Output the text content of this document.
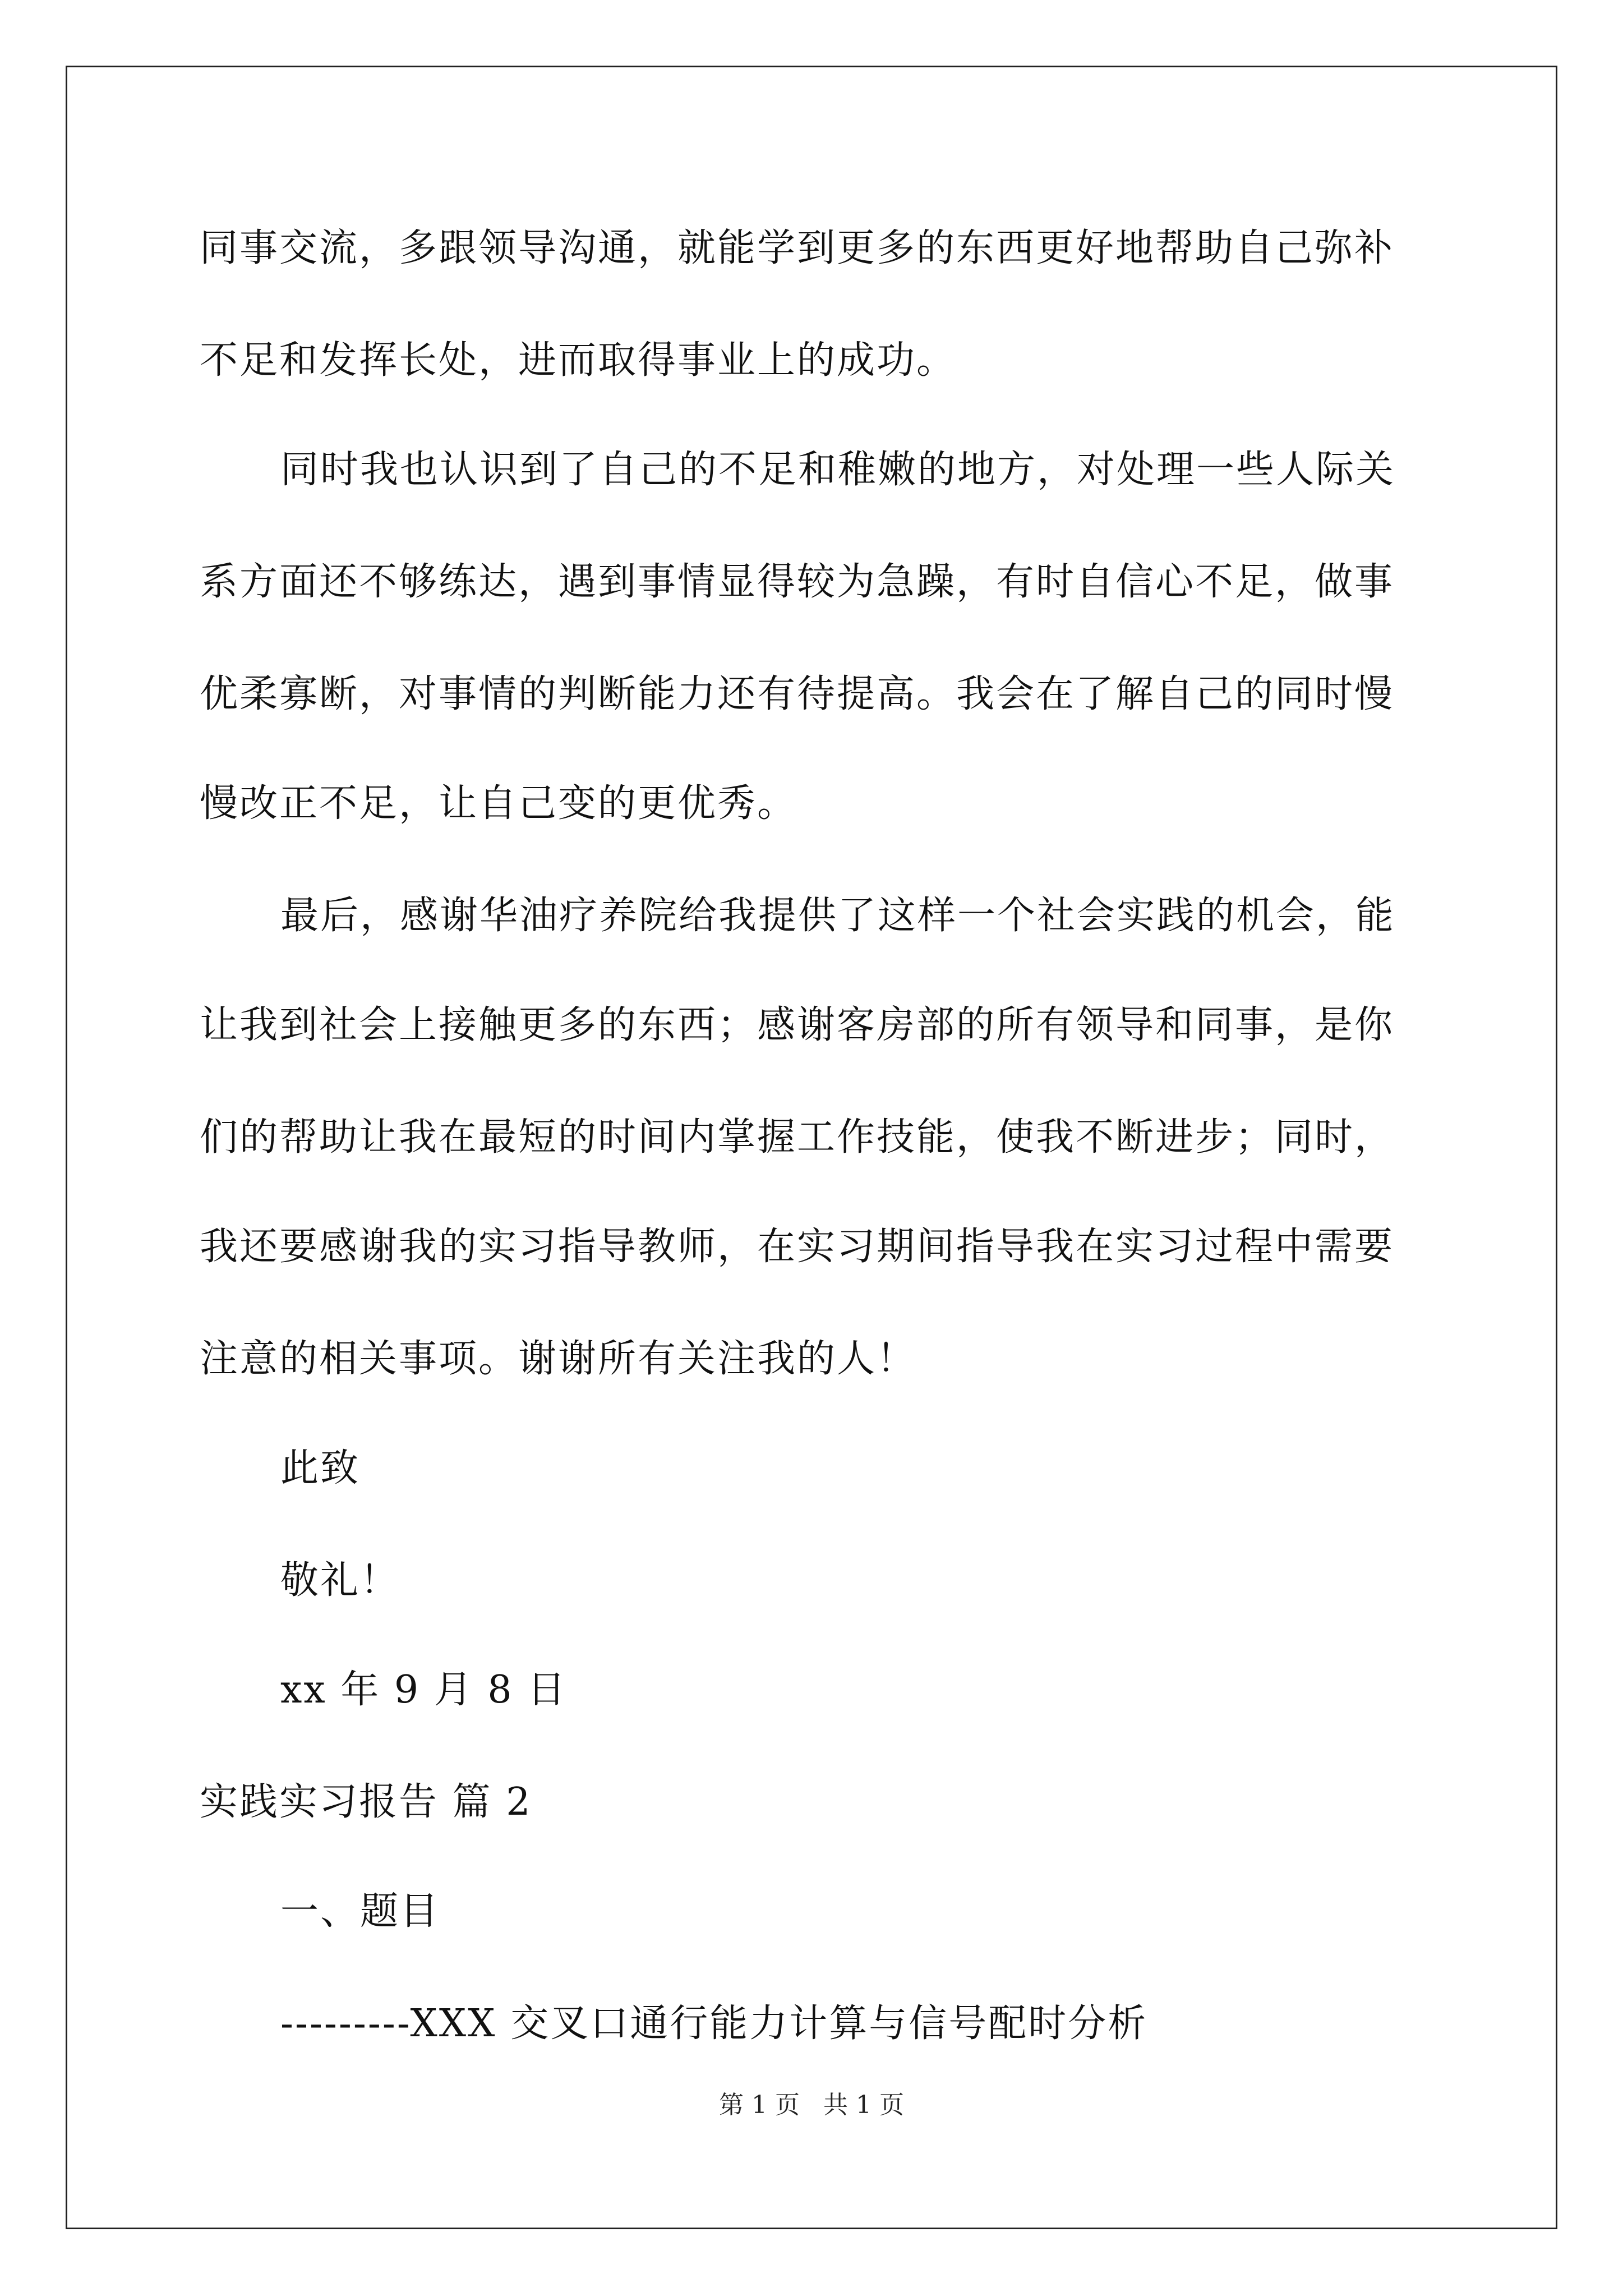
同事交流，多跟领导沟通，就能学到更多的东西更好地帮助自己弥补
不足和发挥长处，进而取得事业上的成功。
同时我也认识到了自己的不足和稚嫩的地方，对处理一些人际关
系方面还不够练达，遇到事情显得较为急躁，有时自信心不足，做事
优柔寡断，对事情的判断能力还有待提高。我会在了解自己的同时慢
慢改正不足，让自己变的更优秀。
最后，感谢华油疗养院给我提供了这样一个社会实践的机会，能
让我到社会上接触更多的东西；感谢客房部的所有领导和同事，是你
们的帮助让我在最短的时间内掌握工作技能，使我不断进步；同时，
我还要感谢我的实习指导教师，在实习期间指导我在实习过程中需要
注意的相关事项。谢谢所有关注我的人！
此致
敬礼！
xx 年 9 月 8 日
实践实习报告 篇 2
一、题目
---------XXX 交叉口通行能力计算与信号配时分析
第 1 页   共 1 页
